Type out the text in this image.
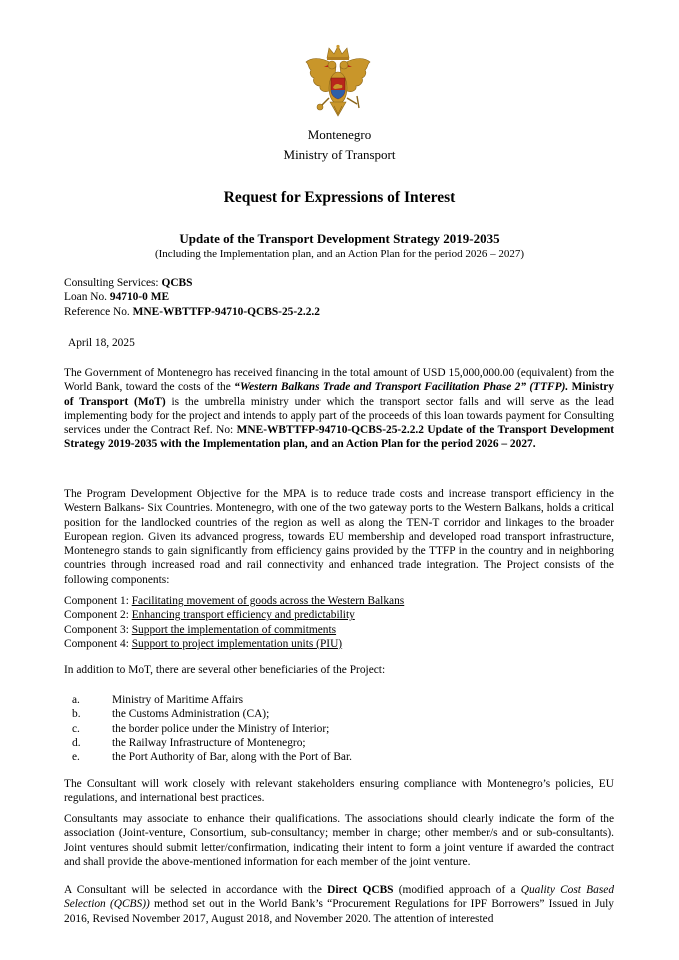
Montenegro
Ministry of Transport
Request for Expressions of Interest
Update of the Transport Development Strategy 2019-2035
(Including the Implementation plan, and an Action Plan for the period 2026 – 2027)
Consulting Services: QCBS
Loan No. 94710-0 ME
Reference No. MNE-WBTTFP-94710-QCBS-25-2.2.2
April 18, 2025
The Government of Montenegro has received financing in the total amount of USD 15,000,000.00 (equivalent) from the World Bank, toward the costs of the “Western Balkans Trade and Transport Facilitation Phase 2” (TTFP). Ministry of Transport (MoT) is the umbrella ministry under which the transport sector falls and will serve as the lead implementing body for the project and intends to apply part of the proceeds of this loan towards payment for Consulting services under the Contract Ref. No: MNE-WBTTFP-94710-QCBS-25-2.2.2 Update of the Transport Development Strategy 2019-2035 with the Implementation plan, and an Action Plan for the period 2026 – 2027.
The Program Development Objective for the MPA is to reduce trade costs and increase transport efficiency in the Western Balkans- Six Countries. Montenegro, with one of the two gateway ports to the Western Balkans, holds a critical position for the landlocked countries of the region as well as along the TEN-T corridor and linkages to the broader European region. Given its advanced progress, towards EU membership and developed road transport infrastructure, Montenegro stands to gain significantly from efficiency gains provided by the TTFP in the country and in neighboring countries through increased road and rail connectivity and enhanced trade integration. The Project consists of the following components:
Component 1: Facilitating movement of goods across the Western Balkans
Component 2: Enhancing transport efficiency and predictability
Component 3: Support the implementation of commitments
Component 4: Support to project implementation units (PIU)
In addition to MoT, there are several other beneficiaries of the Project:
a.	Ministry of Maritime Affairs
b.	the Customs Administration (CA);
c.	the border police under the Ministry of Interior;
d.	the Railway Infrastructure of Montenegro;
e.	the Port Authority of Bar, along with the Port of Bar.
The Consultant will work closely with relevant stakeholders ensuring compliance with Montenegro’s policies, EU regulations, and international best practices.
Consultants may associate to enhance their qualifications. The associations should clearly indicate the form of the association (Joint-venture, Consortium, sub-consultancy; member in charge; other member/s and or sub-consultants). Joint ventures should submit letter/confirmation, indicating their intent to form a joint venture if awarded the contract and shall provide the above-mentioned information for each member of the joint venture.
A Consultant will be selected in accordance with the Direct QCBS (modified approach of a Quality Cost Based Selection (QCBS)) method set out in the World Bank’s “Procurement Regulations for IPF Borrowers” Issued in July 2016, Revised November 2017, August 2018, and November 2020. The attention of interested
